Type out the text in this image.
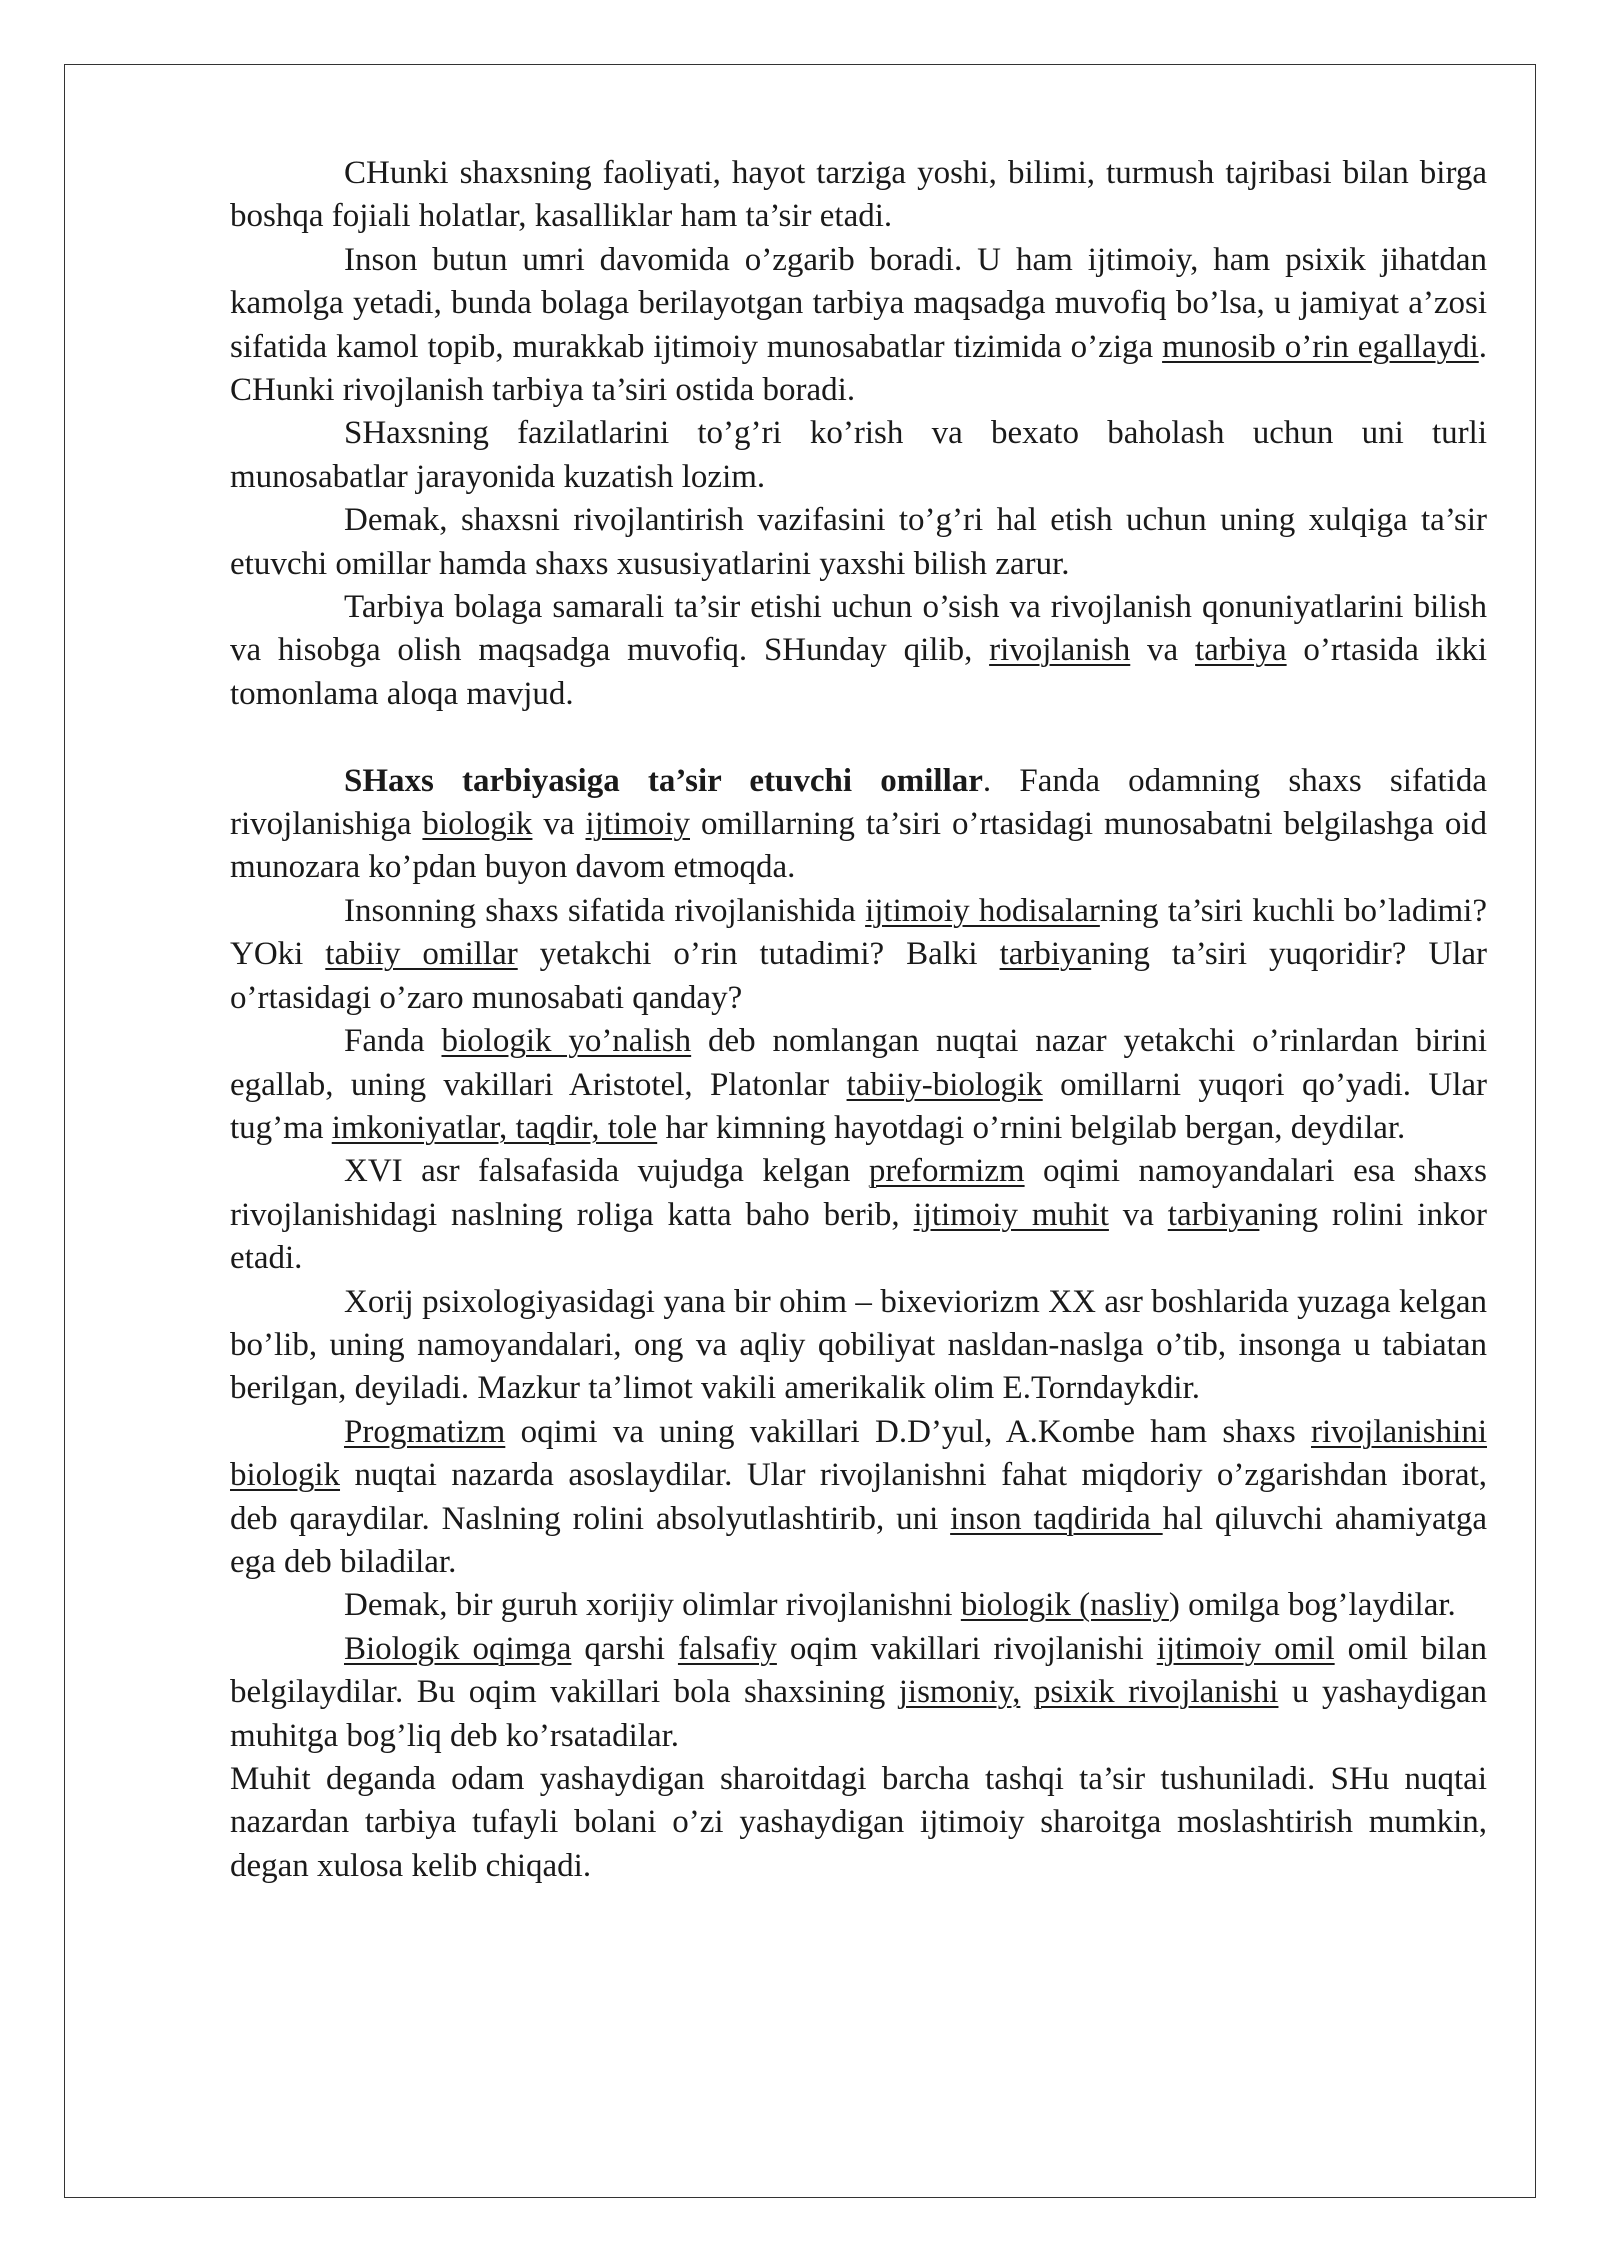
CHunki shaxsning faoliyati, hayot tarziga yoshi, bilimi, turmush tajribasi bilan birga boshqa fojiali holatlar, kasalliklar ham ta’sir etadi.

Inson butun umri davomida o’zgarib boradi. U ham ijtimoiy, ham psixik jihatdan kamolga yetadi, bunda bolaga berilayotgan tarbiya maqsadga muvofiq bo’lsa, u jamiyat a’zosi sifatida kamol topib, murakkab ijtimoiy munosabatlar tizimida o’ziga munosib o’rin egallaydi. CHunki rivojlanish tarbiya ta’siri ostida boradi.

SHaxsning fazilatlarini to’g’ri ko’rish va bexato baholash uchun uni turli munosabatlar jarayonida kuzatish lozim.

Demak, shaxsni rivojlantirish vazifasini to’g’ri hal etish uchun uning xulqiga ta’sir etuvchi omillar hamda shaxs xususiyatlarini yaxshi bilish zarur.

Tarbiya bolaga samarali ta’sir etishi uchun o’sish va rivojlanish qonuniyatlarini bilish va hisobga olish maqsadga muvofiq. SHunday qilib, rivojlanish va tarbiya o’rtasida ikki tomonlama aloqa mavjud.

SHaxs tarbiyasiga ta’sir etuvchi omillar. Fanda odamning shaxs sifatida rivojlanishiga biologik va ijtimoiy omillarning ta’siri o’rtasidagi munosabatni belgilashga oid munozara ko’pdan buyon davom etmoqda.

Insonning shaxs sifatida rivojlanishida ijtimoiy hodisalarning ta’siri kuchli bo’ladimi? YOki tabiiy omillar yetakchi o’rin tutadimi? Balki tarbiyaning ta’siri yuqoridir? Ular o’rtasidagi o’zaro munosabati qanday?

Fanda biologik yo’nalish deb nomlangan nuqtai nazar yetakchi o’rinlardan birini egallab, uning vakillari Aristotel, Platonlar tabiiy-biologik omillarni yuqori qo’yadi. Ular tug’ma imkoniyatlar, taqdir, tole har kimning hayotdagi o’rnini belgilab bergan, deydilar.

XVI asr falsafasida vujudga kelgan preformizm oqimi namoyandalari esa shaxs rivojlanishidagi naslning roliga katta baho berib, ijtimoiy muhit va tarbiyaning rolini inkor etadi.

Xorij psixologiyasidagi yana bir ohim – bixeviorizm XX asr boshlarida yuzaga kelgan bo’lib, uning namoyandalari, ong va aqliy qobiliyat nasldan-naslga o’tib, insonga u tabiatan berilgan, deyiladi. Mazkur ta’limot vakili amerikalik olim E.Torndaykdir.

Progmatizm oqimi va uning vakillari D.D’yul, A.Kombe ham shaxs rivojlanishini biologik nuqtai nazarda asoslaydilar. Ular rivojlanishni fahat miqdoriy o’zgarishdan iborat, deb qaraydilar. Naslning rolini absolyutlashtirib, uni inson taqdirida hal qiluvchi ahamiyatga ega deb biladilar.

Demak, bir guruh xorijiy olimlar rivojlanishni biologik (nasliy) omilga bog’laydilar.

Biologik oqimga qarshi falsafiy oqim vakillari rivojlanishi ijtimoiy omil omil bilan belgilaydilar. Bu oqim vakillari bola shaxsining jismoniy, psixik rivojlanishi u yashaydigan muhitga bog’liq deb ko’rsatadilar.

Muhit deganda odam yashaydigan sharoitdagi barcha tashqi ta’sir tushuniladi. SHu nuqtai nazardan tarbiya tufayli bolani o’zi yashaydigan ijtimoiy sharoitga moslashtirish mumkin, degan xulosa kelib chiqadi.
